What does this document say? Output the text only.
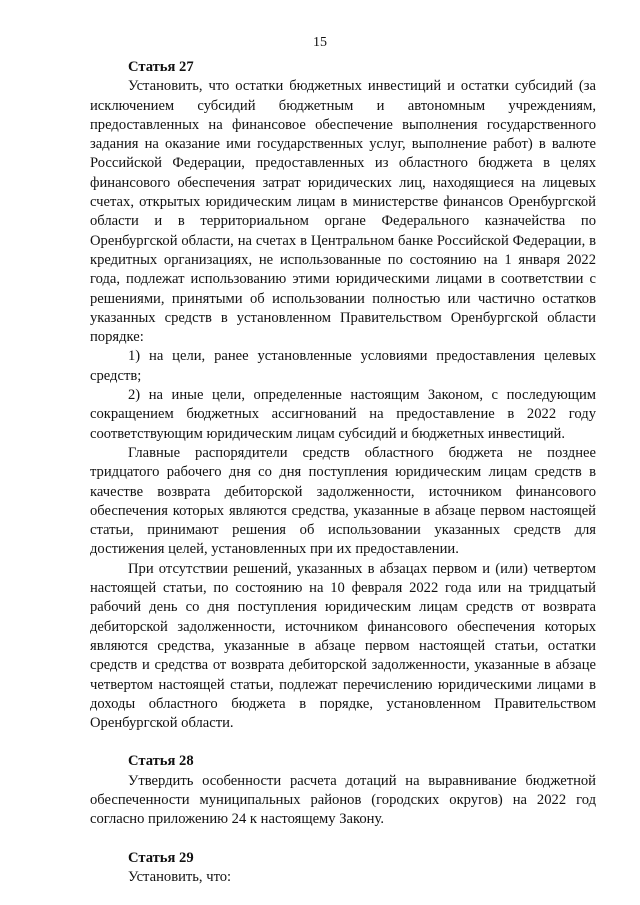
15

Статья 27

Установить, что остатки бюджетных инвестиций и остатки субсидий (за исключением субсидий бюджетным и автономным учреждениям, предоставленных на финансовое обеспечение выполнения государственного задания на оказание ими государственных услуг, выполнение работ) в валюте Российской Федерации, предоставленных из областного бюджета в целях финансового обеспечения затрат юридических лиц, находящиеся на лицевых счетах, открытых юридическим лицам в министерстве финансов Оренбургской области и в территориальном органе Федерального казначейства по Оренбургской области, на счетах в Центральном банке Российской Федерации, в кредитных организациях, не использованные по состоянию на 1 января 2022 года, подлежат использованию этими юридическими лицами в соответствии с решениями, принятыми об использовании полностью или частично остатков указанных средств в установленном Правительством Оренбургской области порядке:

1) на цели, ранее установленные условиями предоставления целевых средств;

2) на иные цели, определенные настоящим Законом, с последующим сокращением бюджетных ассигнований на предоставление в 2022 году соответствующим юридическим лицам субсидий и бюджетных инвестиций.

Главные распорядители средств областного бюджета не позднее тридцатого рабочего дня со дня поступления юридическим лицам средств в качестве возврата дебиторской задолженности, источником финансового обеспечения которых являются средства, указанные в абзаце первом настоящей статьи, принимают решения об использовании указанных средств для достижения целей, установленных при их предоставлении.

При отсутствии решений, указанных в абзацах первом и (или) четвертом настоящей статьи, по состоянию на 10 февраля 2022 года или на тридцатый рабочий день со дня поступления юридическим лицам средств от возврата дебиторской задолженности, источником финансового обеспечения которых являются средства, указанные в абзаце первом настоящей статьи, остатки средств и средства от возврата дебиторской задолженности, указанные в абзаце четвертом настоящей статьи, подлежат перечислению юридическими лицами в доходы областного бюджета в порядке, установленном Правительством Оренбургской области.

Статья 28

Утвердить особенности расчета дотаций на выравнивание бюджетной обеспеченности муниципальных районов (городских округов) на 2022 год согласно приложению 24 к настоящему Закону.

Статья 29

Установить, что:
